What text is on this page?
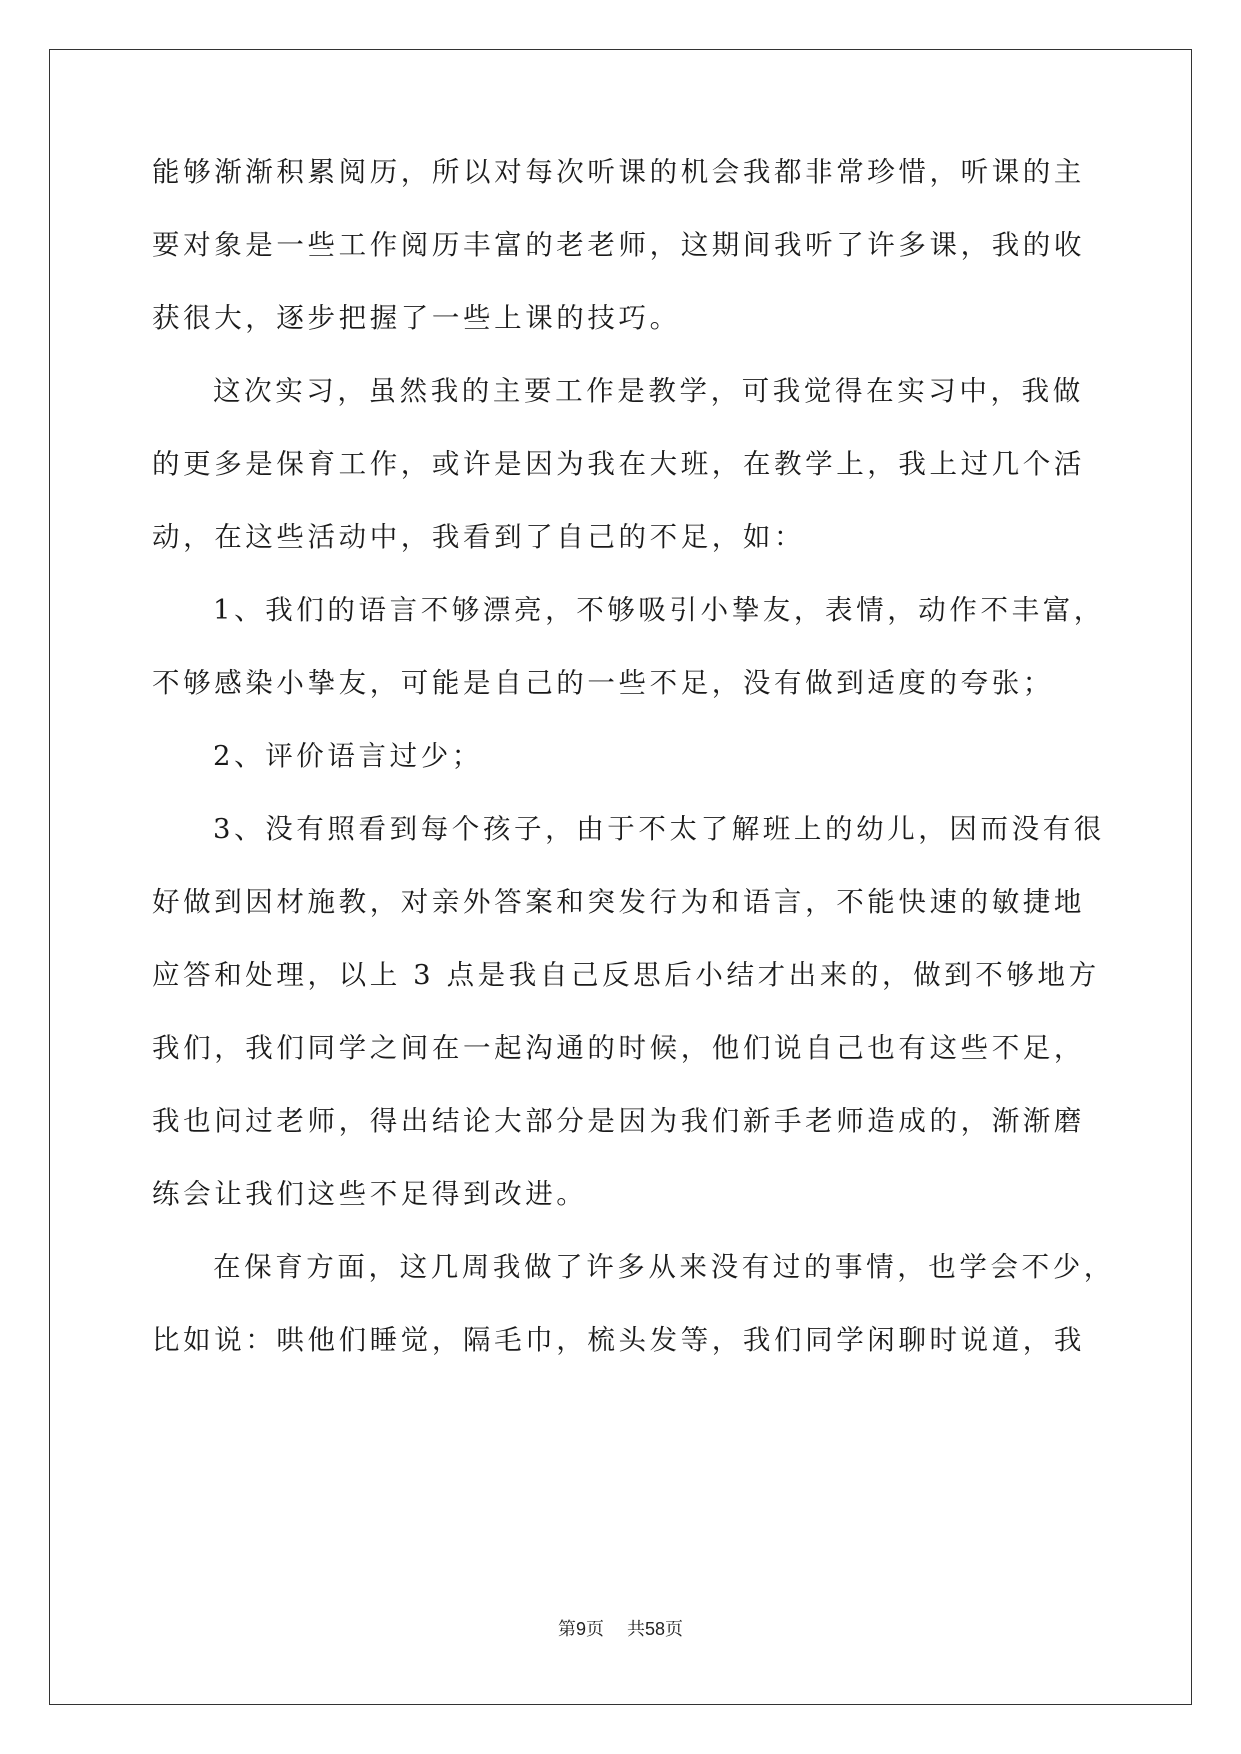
能够渐渐积累阅历，所以对每次听课的机会我都非常珍惜，听课的主
要对象是一些工作阅历丰富的老老师，这期间我听了许多课，我的收
获很大，逐步把握了一些上课的技巧。
这次实习，虽然我的主要工作是教学，可我觉得在实习中，我做
的更多是保育工作，或许是因为我在大班，在教学上，我上过几个活
动，在这些活动中，我看到了自己的不足，如：
1、我们的语言不够漂亮，不够吸引小挚友，表情，动作不丰富，
不够感染小挚友，可能是自己的一些不足，没有做到适度的夸张；
2、评价语言过少；
3、没有照看到每个孩子，由于不太了解班上的幼儿，因而没有很
好做到因材施教，对亲外答案和突发行为和语言，不能快速的敏捷地
应答和处理，以上 3 点是我自己反思后小结才出来的，做到不够地方
我们，我们同学之间在一起沟通的时候，他们说自己也有这些不足，
我也问过老师，得出结论大部分是因为我们新手老师造成的，渐渐磨
练会让我们这些不足得到改进。
在保育方面，这几周我做了许多从来没有过的事情，也学会不少，
比如说：哄他们睡觉，隔毛巾，梳头发等，我们同学闲聊时说道，我
第9页 共58页
